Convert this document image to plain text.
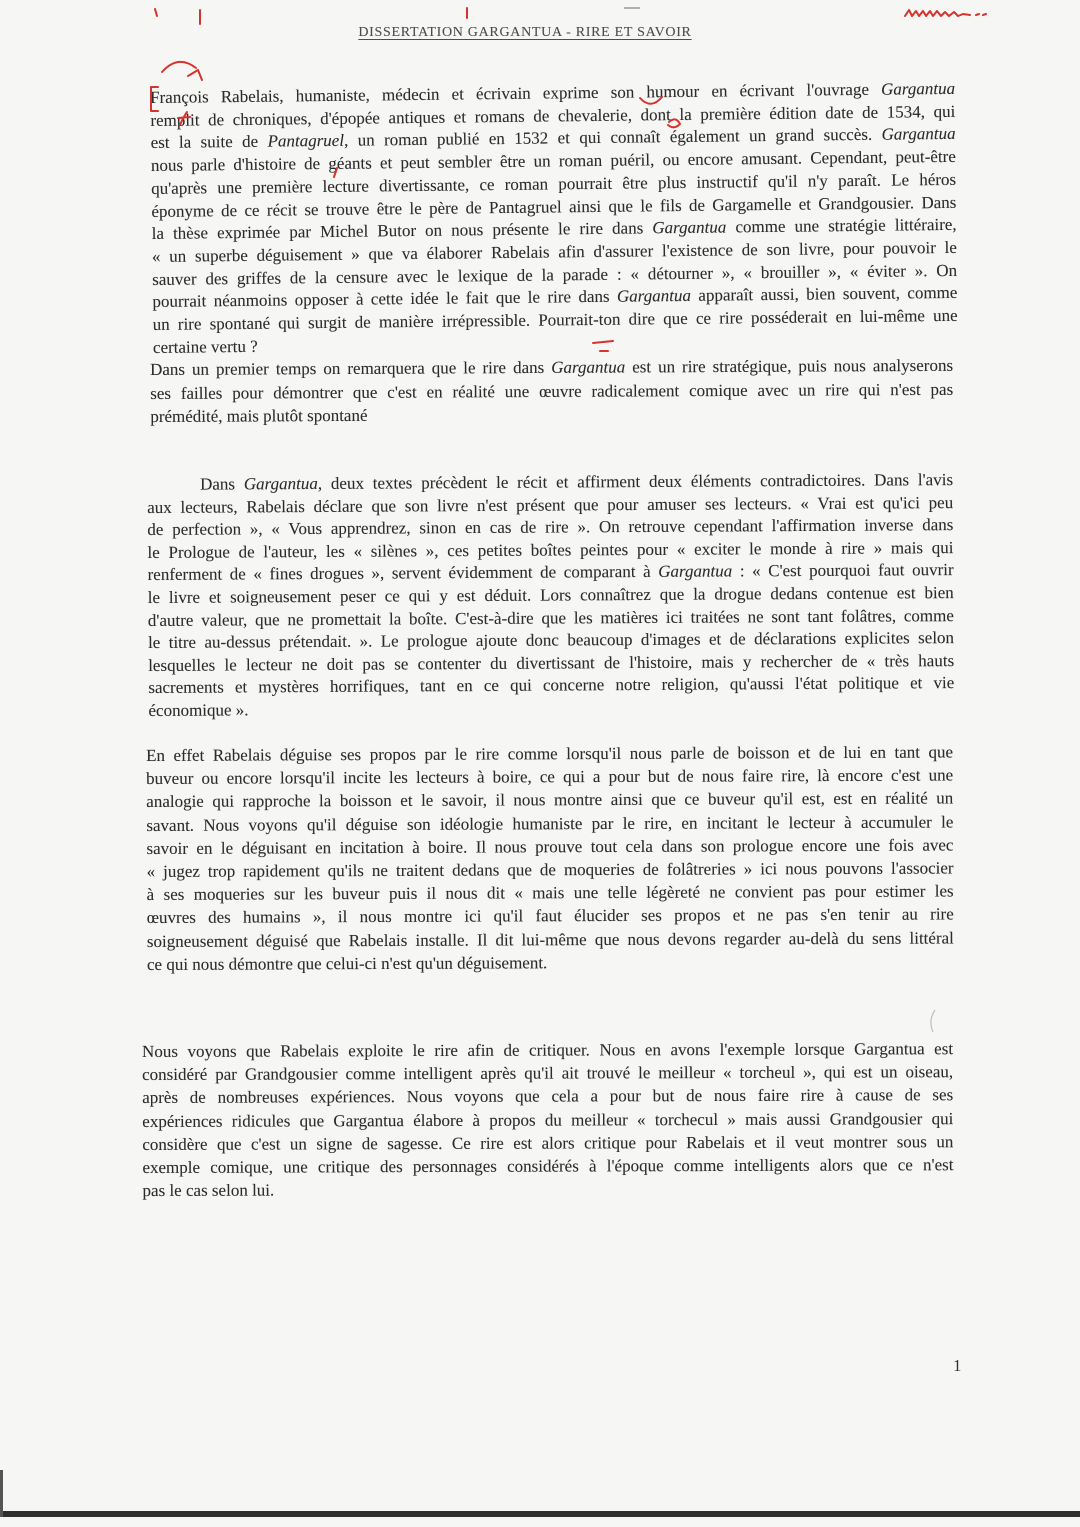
DISSERTATION GARGANTUA - RIRE ET SAVOIR
François Rabelais, humaniste, médecin et écrivain exprime son humour en écrivant l'ouvrage Gargantua
remplit de chroniques, d'épopée antiques et romans de chevalerie, dont la première édition date de 1534, qui
est la suite de Pantagruel, un roman publié en 1532 et qui connaît également un grand succès. Gargantua
nous parle d'histoire de géants et peut sembler être un roman puéril, ou encore amusant. Cependant, peut-être
qu'après une première lecture divertissante, ce roman pourrait être plus instructif qu'il n'y paraît. Le héros
éponyme de ce récit se trouve être le père de Pantagruel ainsi que le fils de Gargamelle et Grandgousier. Dans
la thèse exprimée par Michel Butor on nous présente le rire dans Gargantua comme une stratégie littéraire,
« un superbe déguisement » que va élaborer Rabelais afin d'assurer l'existence de son livre, pour pouvoir le
sauver des griffes de la censure avec le lexique de la parade : « détourner », « brouiller », « éviter ». On
pourrait néanmoins opposer à cette idée le fait que le rire dans Gargantua apparaît aussi, bien souvent, comme
un rire spontané qui surgit de manière irrépressible. Pourrait-ton dire que ce rire posséderait en lui-même une
certaine vertu ?
Dans un premier temps on remarquera que le rire dans Gargantua est un rire stratégique, puis nous analyserons
ses failles pour démontrer que c'est en réalité une œuvre radicalement comique avec un rire qui n'est pas
prémédité, mais plutôt spontané
Dans Gargantua, deux textes précèdent le récit et affirment deux éléments contradictoires. Dans l'avis
aux lecteurs, Rabelais déclare que son livre n'est présent que pour amuser ses lecteurs. « Vrai est qu'ici peu
de perfection », « Vous apprendrez, sinon en cas de rire ». On retrouve cependant l'affirmation inverse dans
le Prologue de l'auteur, les « silènes », ces petites boîtes peintes pour « exciter le monde à rire » mais qui
renferment de « fines drogues », servent évidemment de comparant à Gargantua : « C'est pourquoi faut ouvrir
le livre et soigneusement peser ce qui y est déduit. Lors connaîtrez que la drogue dedans contenue est bien
d'autre valeur, que ne promettait la boîte. C'est-à-dire que les matières ici traitées ne sont tant folâtres, comme
le titre au-dessus prétendait. ». Le prologue ajoute donc beaucoup d'images et de déclarations explicites selon
lesquelles le lecteur ne doit pas se contenter du divertissant de l'histoire, mais y rechercher de « très hauts
sacrements et mystères horrifiques, tant en ce qui concerne notre religion, qu'aussi l'état politique et vie
économique ».
En effet Rabelais déguise ses propos par le rire comme lorsqu'il nous parle de boisson et de lui en tant que
buveur ou encore lorsqu'il incite les lecteurs à boire, ce qui a pour but de nous faire rire, là encore c'est une
analogie qui rapproche la boisson et le savoir, il nous montre ainsi que ce buveur qu'il est, est en réalité un
savant. Nous voyons qu'il déguise son idéologie humaniste par le rire, en incitant le lecteur à accumuler le
savoir en le déguisant en incitation à boire. Il nous prouve tout cela dans son prologue encore une fois avec
« jugez trop rapidement qu'ils ne traitent dedans que de moqueries de folâtreries » ici nous pouvons l'associer
à ses moqueries sur les buveur puis il nous dit « mais une telle légèreté ne convient pas pour estimer les
œuvres des humains », il nous montre ici qu'il faut élucider ses propos et ne pas s'en tenir au rire
soigneusement déguisé que Rabelais installe. Il dit lui-même que nous devons regarder au-delà du sens littéral
ce qui nous démontre que celui-ci n'est qu'un déguisement.
Nous voyons que Rabelais exploite le rire afin de critiquer. Nous en avons l'exemple lorsque Gargantua est
considéré par Grandgousier comme intelligent après qu'il ait trouvé le meilleur « torcheul », qui est un oiseau,
après de nombreuses expériences. Nous voyons que cela a pour but de nous faire rire à cause de ses
expériences ridicules que Gargantua élabore à propos du meilleur « torchecul » mais aussi Grandgousier qui
considère que c'est un signe de sagesse. Ce rire est alors critique pour Rabelais et il veut montrer sous un
exemple comique, une critique des personnages considérés à l'époque comme intelligents alors que ce n'est
pas le cas selon lui.
1
